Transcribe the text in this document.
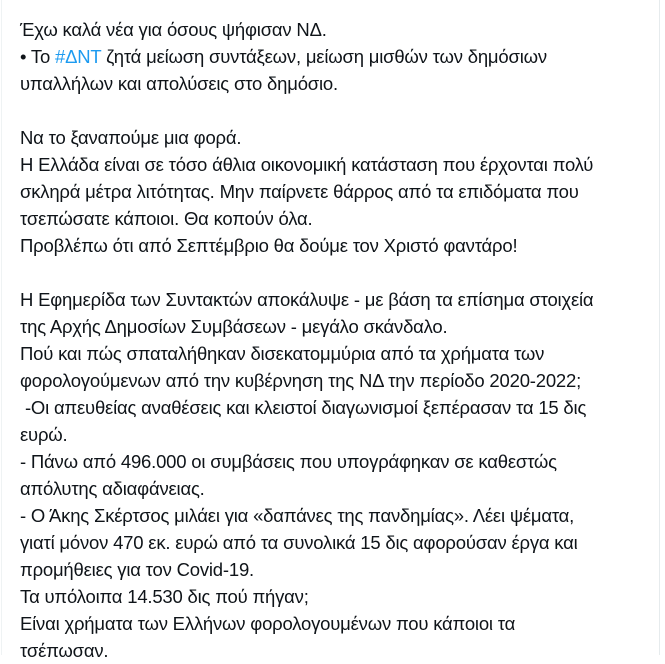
Έχω καλά νέα για όσους ψήφισαν ΝΔ.
• Το #ΔΝΤ ζητά μείωση συντάξεων, μείωση μισθών των δημόσιων
υπαλλήλων και απολύσεις στο δημόσιο.
Να το ξαναπούμε μια φορά.
Η Ελλάδα είναι σε τόσο άθλια οικονομική κατάσταση που έρχονται πολύ
σκληρά μέτρα λιτότητας. Μην παίρνετε θάρρος από τα επιδόματα που
τσεπώσατε κάποιοι. Θα κοπούν όλα.
Προβλέπω ότι από Σεπτέμβριο θα δούμε τον Χριστό φαντάρο!
Η Εφημερίδα των Συντακτών αποκάλυψε - με βάση τα επίσημα στοιχεία
της Αρχής Δημοσίων Συμβάσεων - μεγάλο σκάνδαλο.
Πού και πώς σπαταλήθηκαν δισεκατομμύρια από τα χρήματα των
φορολογούμενων από την κυβέρνηση της ΝΔ την περίοδο 2020-2022;
-Οι απευθείας αναθέσεις και κλειστοί διαγωνισμοί ξεπέρασαν τα 15 δις
ευρώ.
- Πάνω από 496.000 οι συμβάσεις που υπογράφηκαν σε καθεστώς
απόλυτης αδιαφάνειας.
- Ο Άκης Σκέρτσος μιλάει για «δαπάνες της πανδημίας». Λέει ψέματα,
γιατί μόνον 470 εκ. ευρώ από τα συνολικά 15 δις αφορούσαν έργα και
προμήθειες για τον Covid-19.
Τα υπόλοιπα 14.530 δις πού πήγαν;
Είναι χρήματα των Ελλήνων φορολογουμένων που κάποιοι τα
τσέπωσαν.
